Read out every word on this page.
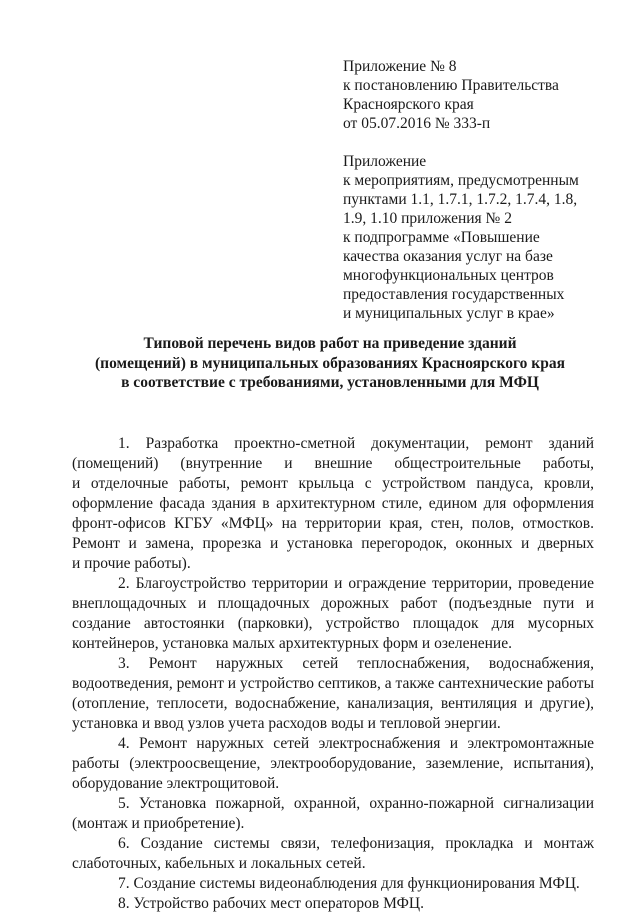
Приложение № 8
к постановлению Правительства
Красноярского края
от 05.07.2016 № 333-п
Приложение
к мероприятиям, предусмотренным
пунктами 1.1, 1.7.1, 1.7.2, 1.7.4, 1.8,
1.9, 1.10 приложения № 2
к подпрограмме «Повышение
качества оказания услуг на базе
многофункциональных центров
предоставления государственных
и муниципальных услуг в крае»
Типовой перечень видов работ на приведение зданий
(помещений) в муниципальных образованиях Красноярского края
в соответствие с требованиями, установленными для МФЦ
1. Разработка проектно-сметной документации, ремонт зданий
(помещений) (внутренние и внешние общестроительные работы,
и отделочные работы, ремонт крыльца с устройством пандуса, кровли,
оформление фасада здания в архитектурном стиле, едином для оформления
фронт-офисов КГБУ «МФЦ» на территории края, стен, полов, отмостков.
Ремонт и замена, прорезка и установка перегородок, оконных и дверных
и прочие работы).
2. Благоустройство территории и ограждение территории, проведение
внеплощадочных и площадочных дорожных работ (подъездные пути и
создание автостоянки (парковки), устройство площадок для мусорных
контейнеров, установка малых архитектурных форм и озеленение.
3. Ремонт наружных сетей теплоснабжения, водоснабжения,
водоотведения, ремонт и устройство септиков, а также сантехнические работы
(отопление, теплосети, водоснабжение, канализация, вентиляция и другие),
установка и ввод узлов учета расходов воды и тепловой энергии.
4. Ремонт наружных сетей электроснабжения и электромонтажные
работы (электроосвещение, электрооборудование, заземление, испытания),
оборудование электрощитовой.
5. Установка пожарной, охранной, охранно-пожарной сигнализации
(монтаж и приобретение).
6. Создание системы связи, телефонизация, прокладка и монтаж
слаботочных, кабельных и локальных сетей.
7. Создание системы видеонаблюдения для функционирования МФЦ.
8. Устройство рабочих мест операторов МФЦ.
